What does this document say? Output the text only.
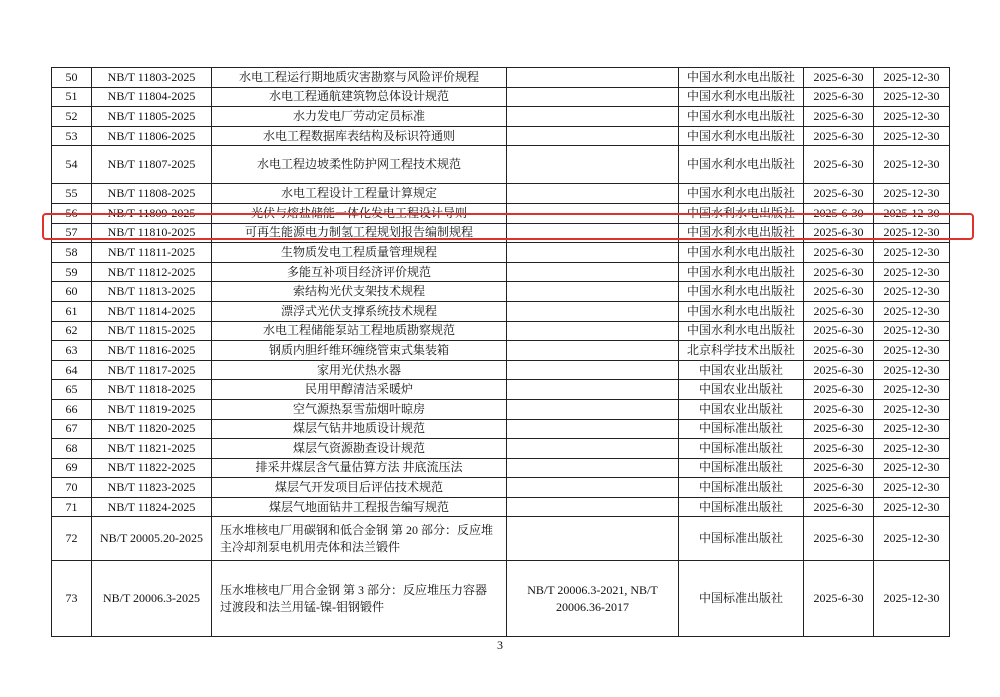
50	NB/T 11803-2025	水电工程运行期地质灾害勘察与风险评价规程		中国水利水电出版社	2025-6-30	2025-12-30
51	NB/T 11804-2025	水电工程通航建筑物总体设计规范		中国水利水电出版社	2025-6-30	2025-12-30
52	NB/T 11805-2025	水力发电厂劳动定员标准		中国水利水电出版社	2025-6-30	2025-12-30
53	NB/T 11806-2025	水电工程数据库表结构及标识符通则		中国水利水电出版社	2025-6-30	2025-12-30
54	NB/T 11807-2025	水电工程边坡柔性防护网工程技术规范		中国水利水电出版社	2025-6-30	2025-12-30
55	NB/T 11808-2025	水电工程设计工程量计算规定		中国水利水电出版社	2025-6-30	2025-12-30
56	NB/T 11809-2025	光伏与熔盐储能一体化发电工程设计导则		中国水利水电出版社	2025-6-30	2025-12-30
57	NB/T 11810-2025	可再生能源电力制氢工程规划报告编制规程		中国水利水电出版社	2025-6-30	2025-12-30
58	NB/T 11811-2025	生物质发电工程质量管理规程		中国水利水电出版社	2025-6-30	2025-12-30
59	NB/T 11812-2025	多能互补项目经济评价规范		中国水利水电出版社	2025-6-30	2025-12-30
60	NB/T 11813-2025	索结构光伏支架技术规程		中国水利水电出版社	2025-6-30	2025-12-30
61	NB/T 11814-2025	漂浮式光伏支撑系统技术规程		中国水利水电出版社	2025-6-30	2025-12-30
62	NB/T 11815-2025	水电工程储能泵站工程地质勘察规范		中国水利水电出版社	2025-6-30	2025-12-30
63	NB/T 11816-2025	钢质内胆纤维环缠绕管束式集装箱		北京科学技术出版社	2025-6-30	2025-12-30
64	NB/T 11817-2025	家用光伏热水器		中国农业出版社	2025-6-30	2025-12-30
65	NB/T 11818-2025	民用甲醇清洁采暖炉		中国农业出版社	2025-6-30	2025-12-30
66	NB/T 11819-2025	空气源热泵雪茄烟叶晾房		中国农业出版社	2025-6-30	2025-12-30
67	NB/T 11820-2025	煤层气钻井地质设计规范		中国标准出版社	2025-6-30	2025-12-30
68	NB/T 11821-2025	煤层气资源勘查设计规范		中国标准出版社	2025-6-30	2025-12-30
69	NB/T 11822-2025	排采井煤层含气量估算方法 井底流压法		中国标准出版社	2025-6-30	2025-12-30
70	NB/T 11823-2025	煤层气开发项目后评估技术规范		中国标准出版社	2025-6-30	2025-12-30
71	NB/T 11824-2025	煤层气地面钻井工程报告编写规范		中国标准出版社	2025-6-30	2025-12-30
72	NB/T 20005.20-2025	压水堆核电厂用碳钢和低合金钢 第 20 部分：反应堆主冷却剂泵电机用壳体和法兰锻件		中国标准出版社	2025-6-30	2025-12-30
73	NB/T 20006.3-2025	压水堆核电厂用合金钢 第 3 部分：反应堆压力容器过渡段和法兰用锰-镍-钼钢锻件	NB/T 20006.3-2021, NB/T 20006.36-2017	中国标准出版社	2025-6-30	2025-12-30
3
